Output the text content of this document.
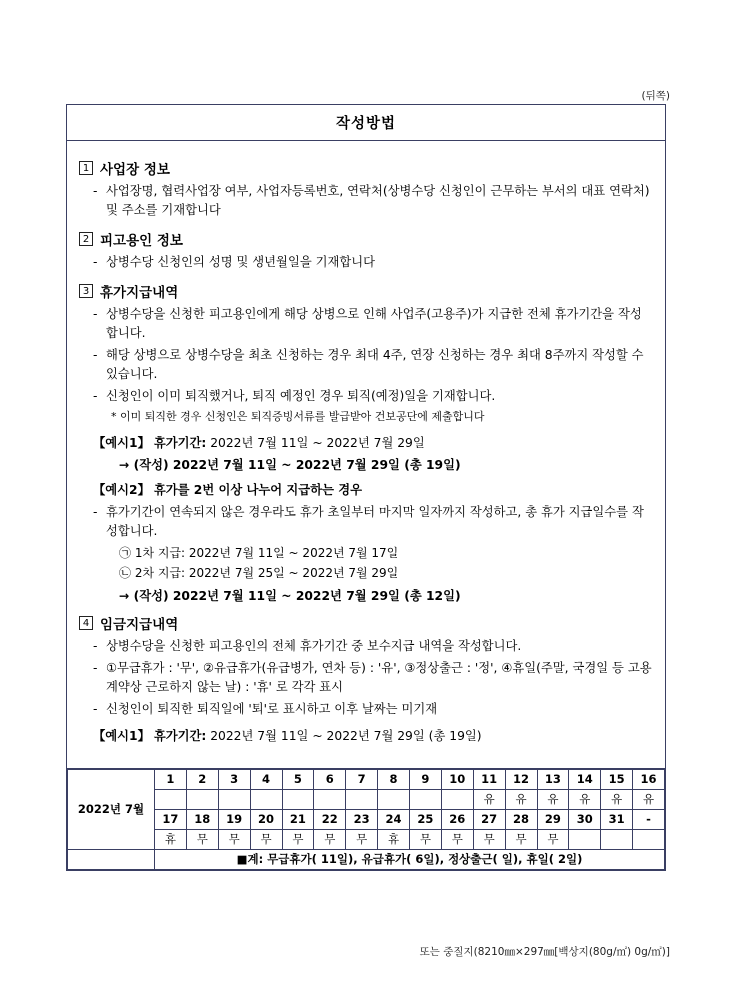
(뒤쪽)
작성방법
1 사업장 정보
- 사업장명, 협력사업장 여부, 사업자등록번호, 연락처(상병수당 신청인이 근무하는 부서의 대표 연락처) 및 주소를 기재합니다
2 피고용인 정보
- 상병수당 신청인의 성명 및 생년월일을 기재합니다
3 휴가지급내역
- 상병수당을 신청한 피고용인에게 해당 상병으로 인해 사업주(고용주)가 지급한 전체 휴가기간을 작성 합니다.
- 해당 상병으로 상병수당을 최초 신청하는 경우 최대 4주, 연장 신청하는 경우 최대 8주까지 작성할 수 있습니다.
- 신청인이 이미 퇴직했거나, 퇴직 예정인 경우 퇴직(예정)일을 기재합니다.
* 이미 퇴직한 경우 신청인은 퇴직증빙서류를 발급받아 건보공단에 제출합니다
【예시1】 휴가기간: 2022년 7월 11일 ~ 2022년 7월 29일
→ (작성) 2022년 7월 11일 ~ 2022년 7월 29일 (총 19일)
【예시2】 휴가를 2번 이상 나누어 지급하는 경우
- 휴가기간이 연속되지 않은 경우라도 휴가 초일부터 마지막 일자까지 작성하고, 총 휴가 지급일수를 작성합니다.
㉠ 1차 지급: 2022년 7월 11일 ~ 2022년 7월 17일
㉡ 2차 지급: 2022년 7월 25일 ~ 2022년 7월 29일
→ (작성) 2022년 7월 11일 ~ 2022년 7월 29일 (총 12일)
4 임금지급내역
- 상병수당을 신청한 피고용인의 전체 휴가기간 중 보수지급 내역을 작성합니다.
- ①무급휴가 : '무', ②유급휴가(유급병가, 연차 등) : '유', ③정상출근 : '정', ④휴일(주말, 국경일 등 고용계약상 근로하지 않는 날) : '휴' 로 각각 표시
- 신청인이 퇴직한 퇴직일에 '퇴'로 표시하고 이후 날짜는 미기재
【예시1】 휴가기간: 2022년 7월 11일 ~ 2022년 7월 29일 (총 19일)
2022년 7월	1	2	3	4	5	6	7	8	9	10	11	12	13	14	15	16
											유	유	유	유	유	유
	17	18	19	20	21	22	23	24	25	26	27	28	29	30	31	-
	휴	무	무	무	무	무	무	휴	무	무	무	무	무			
	■계: 무급휴가( 11일), 유급휴가( 6일), 정상출근( 일), 휴일( 2일)															
또는 중질지(8210㎜×297㎜[백상지(80g/㎡) 0g/㎡)]
